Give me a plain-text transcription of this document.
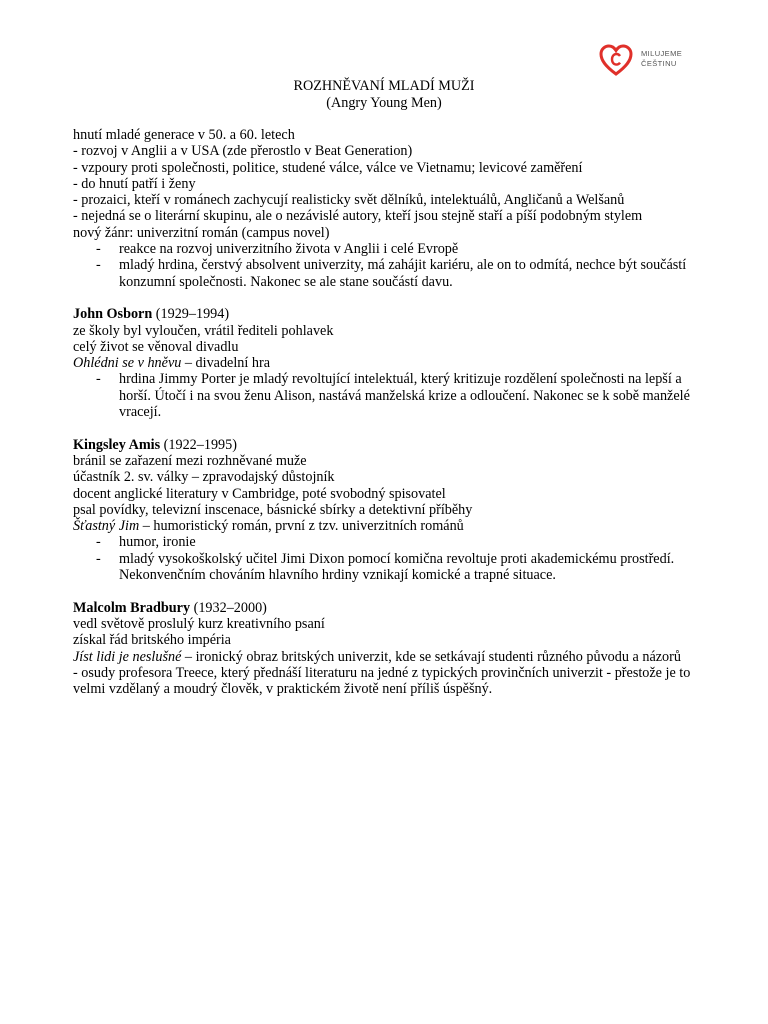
MILUJEME
ČEŠTINU
ROZHNĚVANÍ MLADÍ MUŽI
(Angry Young Men)
hnutí mladé generace v 50. a 60. letech
- rozvoj v Anglii a v USA (zde přerostlo v Beat Generation)
- vzpoury proti společnosti, politice, studené válce, válce ve Vietnamu; levicové zaměření
- do hnutí patří i ženy
- prozaici, kteří v románech zachycují realisticky svět dělníků, intelektuálů, Angličanů a Welšanů
- nejedná se o literární skupinu, ale o nezávislé autory, kteří jsou stejně staří a píší podobným stylem
nový žánr: univerzitní román (campus novel)
- reakce na rozvoj univerzitního života v Anglii i celé Evropě
- mladý hrdina, čerstvý absolvent univerzity, má zahájit kariéru, ale on to odmítá, nechce být součástí konzumní společnosti. Nakonec se ale stane součástí davu.
John Osborn (1929–1994)
ze školy byl vyloučen, vrátil řediteli pohlavek
celý život se věnoval divadlu
Ohlédni se v hněvu – divadelní hra
- hrdina Jimmy Porter je mladý revoltující intelektuál, který kritizuje rozdělení společnosti na lepší a horší. Útočí i na svou ženu Alison, nastává manželská krize a odloučení. Nakonec se k sobě manželé vracejí.
Kingsley Amis (1922–1995)
bránil se zařazení mezi rozhněvané muže
účastník 2. sv. války – zpravodajský důstojník
docent anglické literatury v Cambridge, poté svobodný spisovatel
psal povídky, televizní inscenace, básnické sbírky a detektivní příběhy
Šťastný Jim – humoristický román, první z tzv. univerzitních románů
- humor, ironie
- mladý vysokoškolský učitel Jimi Dixon pomocí komična revoltuje proti akademickému prostředí. Nekonvenčním chováním hlavního hrdiny vznikají komické a trapné situace.
Malcolm Bradbury (1932–2000)
vedl světově proslulý kurz kreativního psaní
získal řád britského impéria
Jíst lidi je neslušné – ironický obraz britských univerzit, kde se setkávají studenti různého původu a názorů
- osudy profesora Treece, který přednáší literaturu na jedné z typických provinčních univerzit - přestože je to velmi vzdělaný a moudrý člověk, v praktickém životě není příliš úspěšný.
